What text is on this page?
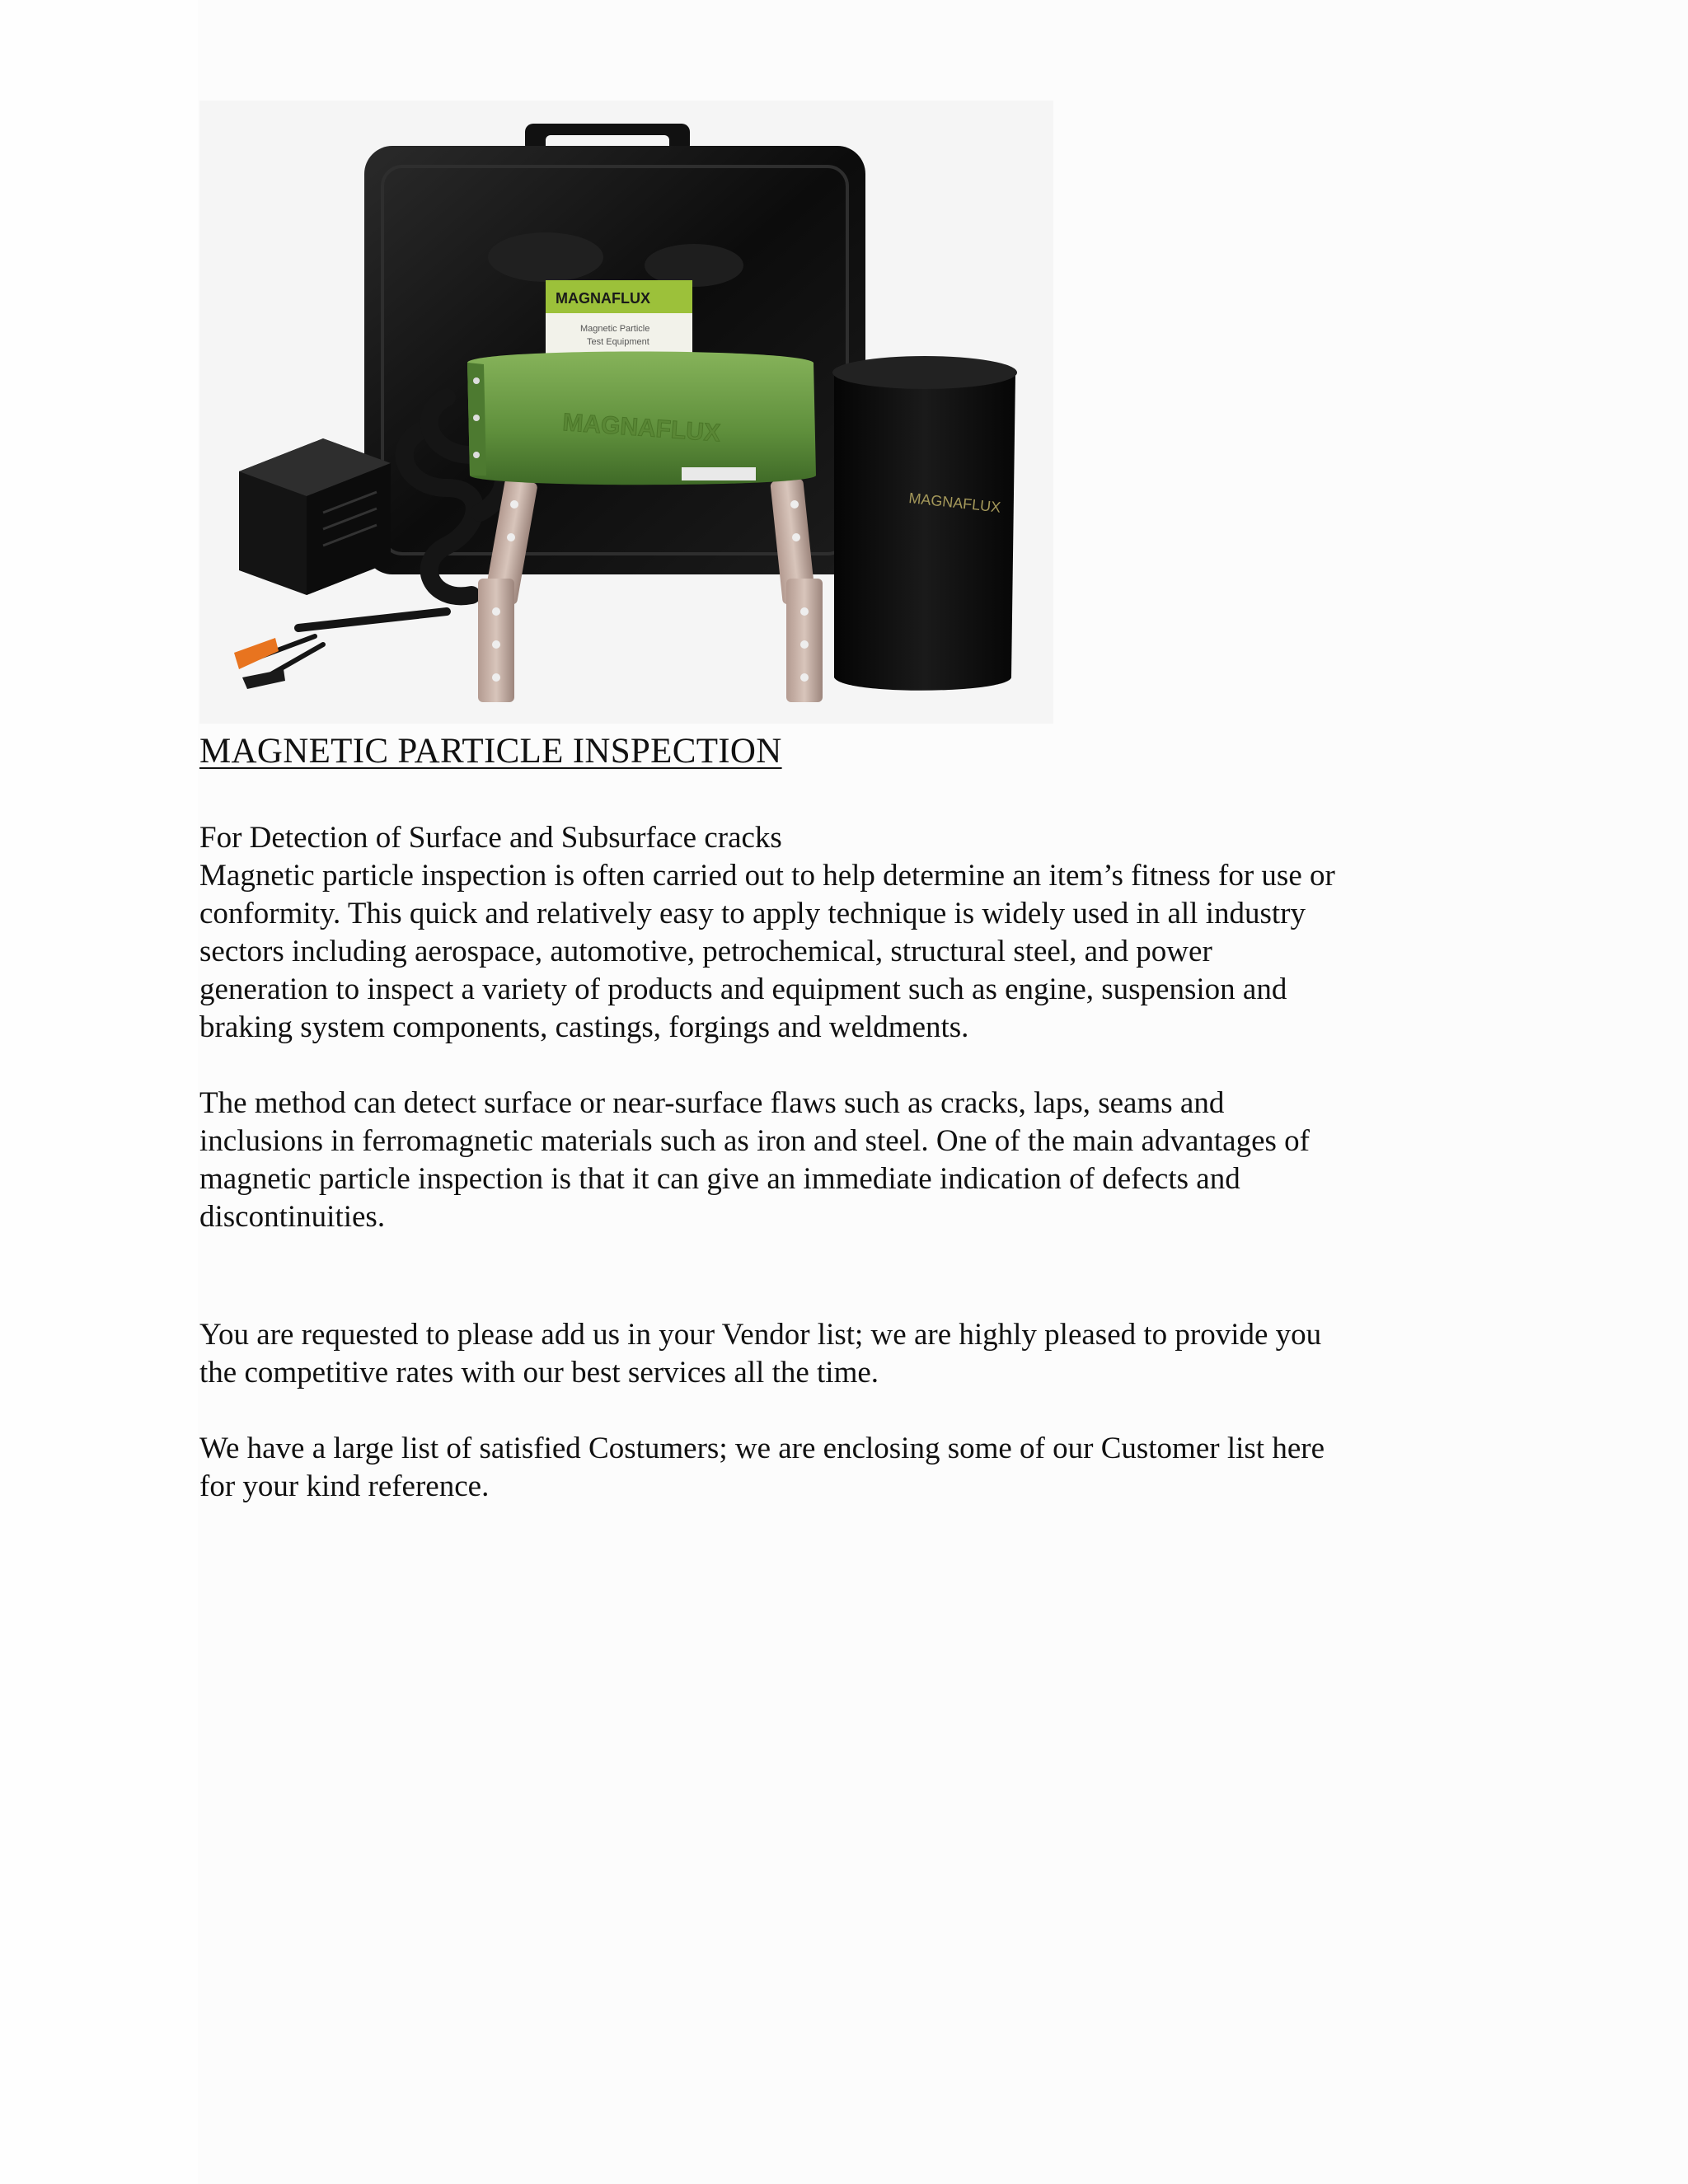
MAGNAFLUX
Magnetic Particle
Test Equipment
MAGNAFLUX
MAGNAFLUX
MAGNETIC PARTICLE INSPECTION

For Detection of Surface and Subsurface cracks

Magnetic particle inspection is often carried out to help determine an item’s fitness for use or

conformity. This quick and relatively easy to apply technique is widely used in all industry

sectors including aerospace, automotive, petrochemical, structural steel, and power

generation to inspect a variety of products and equipment such as engine, suspension and

braking system components, castings, forgings and weldments.

The method can detect surface or near-surface flaws such as cracks, laps, seams and

inclusions in ferromagnetic materials such as iron and steel. One of the main advantages of

magnetic particle inspection is that it can give an immediate indication of defects and

discontinuities.

You are requested to please add us in your Vendor list; we are highly pleased to provide you

the competitive rates with our best services all the time.

We have a large list of satisfied Costumers; we are enclosing some of our Customer list here

for your kind reference.
